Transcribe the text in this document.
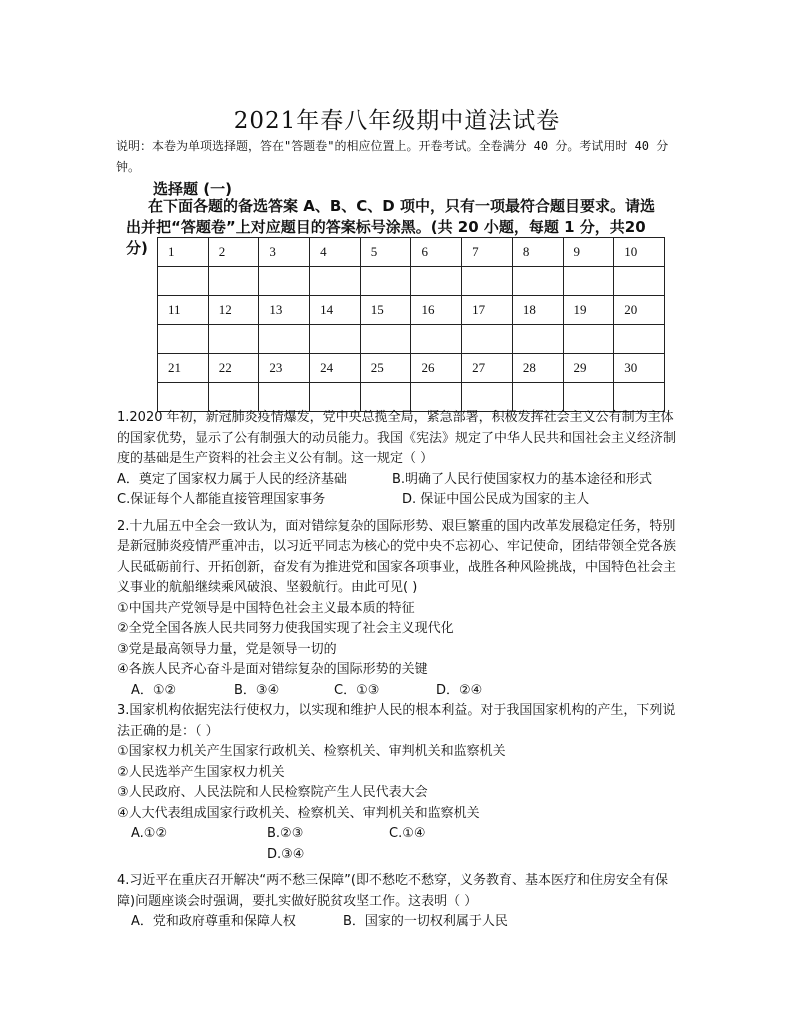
2021年春八年级期中道法试卷
说明：本卷为单项选择题，答在"答题卷"的相应位置上。开卷考试。全卷满分 40 分。考试用时 40 分钟。
选择题 (一)
在下面各题的备选答案 A、B、C、D 项中，只有一项最符合题目要求。请选
出并把“答题卷”上对应题目的答案标号涂黑。(共 20 小题，每题 1 分，共20 分)	1	2	3	4	5	6	7	8	9	10

11	12	13	14	15	16	17	18	19	20

21	22	23	24	25	26	27	28	29	30

1.2020 年初，新冠肺炎疫情爆发，党中央总揽全局，紧急部署，积极发挥社会主义公有制为主体的国家优势，显示了公有制强大的动员能力。我国《宪法》规定了中华人民共和国社会主义经济制度的基础是生产资料的社会主义公有制。这一规定（ ）

A．奠定了国家权力属于人民的经济基础	B.明确了人民行使国家权力的基本途径和形式
C.保证每个人都能直接管理国家事务	D. 保证中国公民成为国家的主人

2.十九届五中全会一致认为，面对错综复杂的国际形势、艰巨繁重的国内改革发展稳定任务，特别是新冠肺炎疫情严重冲击，以习近平同志为核心的党中央不忘初心、牢记使命，团结带领全党各族人民砥砺前行、开拓创新，奋发有为推进党和国家各项事业，战胜各种风险挑战，中国特色社会主义事业的航船继续乘风破浪、坚毅航行。由此可见( )

①中国共产党领导是中国特色社会主义最本质的特征

②全党全国各族人民共同努力使我国实现了社会主义现代化

③党是最高领导力量，党是领导一切的

④各族人民齐心奋斗是面对错综复杂的国际形势的关键

A．①②	B．③④	C．①③	D．②④

3.国家机构依据宪法行使权力，以实现和维护人民的根本利益。对于我国国家机构的产生，下列说法正确的是：（ ）

①国家权力机关产生国家行政机关、检察机关、审判机关和监察机关

②人民选举产生国家权力机关

③人民政府、人民法院和人民检察院产生人民代表大会

④人大代表组成国家行政机关、检察机关、审判机关和监察机关

A.①②	B.②③	C.①④
D.③④

4.习近平在重庆召开解决“两不愁三保障”(即不愁吃不愁穿，义务教育、基本医疗和住房安全有保障)问题座谈会时强调，要扎实做好脱贫攻坚工作。这表明（ ）

A．党和政府尊重和保障人权	B．国家的一切权利属于人民
